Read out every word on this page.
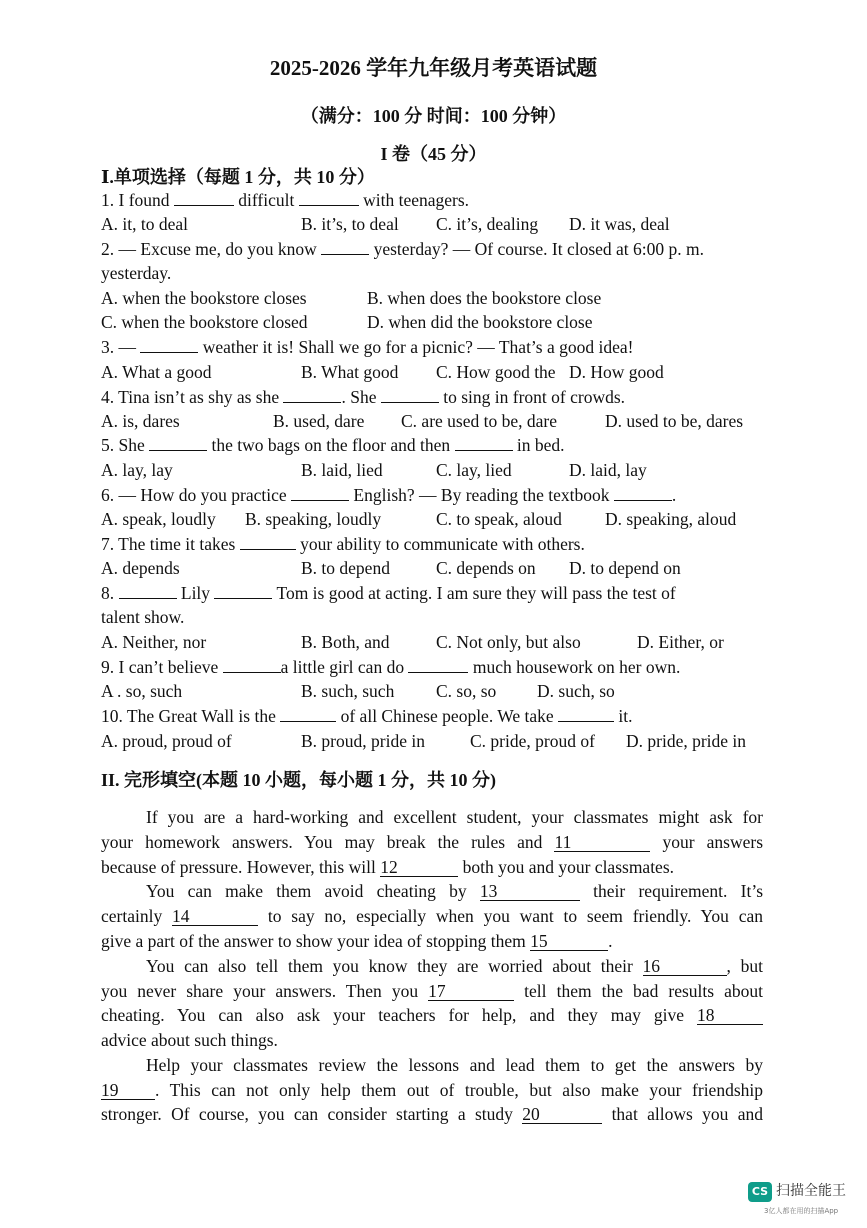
2025-2026 学年九年级月考英语试题
（满分：100 分 时间：100 分钟）
I 卷（45 分）
Ⅰ.单项选择（每题 1 分，共 10 分）
1. I found	difficult	with teenagers.
A. it, to deal	B. it’s, to deal C. it’s, dealing D. it was, deal
2. — Excuse me, do you know	yesterday? — Of course. It closed at 6:00 p. m.
yesterday.
A. when the bookstore closes	B. when does the bookstore close
C. when the bookstore closed	D. when did the bookstore close
3. —	weather it is! Shall we go for a picnic? — That’s a good idea!
A. What a good	B. What good C. How good the D. How good
4. Tina isn’t as shy as she	. She	to sing in front of crowds.
A. is, dares	B. used, dare C. are used to be, dare	D. used to be, dares
5. She	the two bags on the floor and then	in bed.
A. lay, lay	B. laid, lied	C. lay, lied	D. laid, lay
6. — How do you practice	English? — By reading the textbook	.
A. speak, loudly B. speaking, loudly	C. to speak, aloud D. speaking, aloud
7. The time it takes	your ability to communicate with others.
A. depends	B. to depend	C. depends on D. to depend on
8.	Lily	Tom is good at acting. I am sure they will pass the test of
talent show.
A. Neither, nor	B. Both, and	C. Not only, but also	D. Either, or
9. I can’t believe	a little girl can do	much housework on her own.
A . so, such	B. such, such C. so, so D. such, so
10. The Great Wall is the	of all Chinese people. We take	it.
A. proud, proud of	B. proud, pride in	C. pride, proud of D. pride, pride in
II. 完形填空(本题 10 小题，每小题 1 分，共 10 分)
If you are a hard-working and excellent student, your classmates might ask for
your homework answers. You may break the rules and 11	your answers
because of pressure. However, this will 12	both you and your classmates.
You can make them avoid cheating by 13	their requirement. It’s
certainly 14	to say no, especially when you want to seem friendly. You can
give a part of the answer to show your idea of stopping them 15	.
You can also tell them you know they are worried about their 16	, but
you never share your answers. Then you 17	tell them the bad results about
cheating. You can also ask your teachers for help, and they may give 18
advice about such things.
Help your classmates review the lessons and lead them to get the answers by
19 . This can not only help them out of trouble, but also make your friendship
stronger. Of course, you can consider starting a study 20	that allows you and
CS 扫描全能王
3亿人都在用的扫描App
